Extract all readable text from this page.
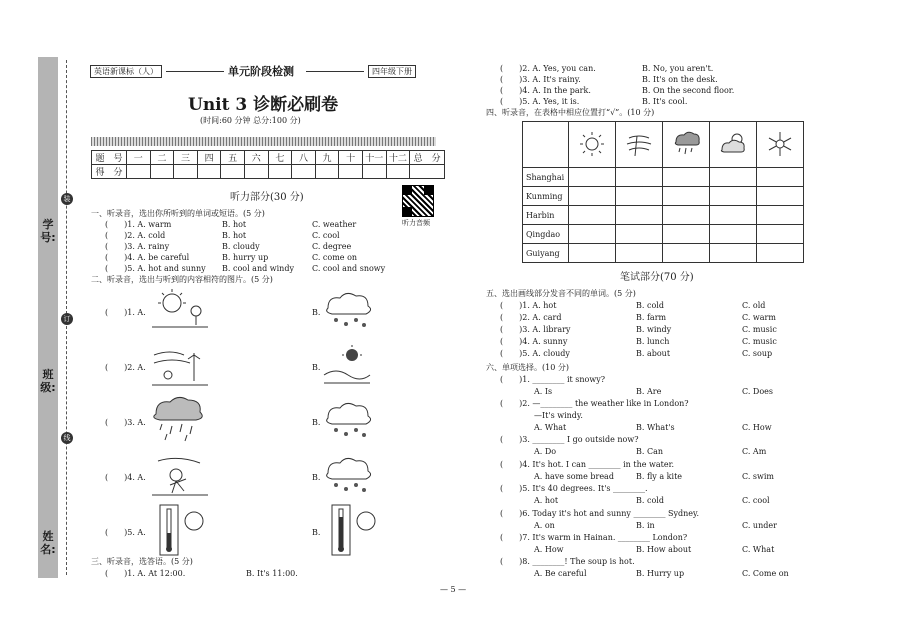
学号:
班级:
姓名:
装
订
线
英语新课标（人）	单元阶段检测	四年级下册
Unit 3 诊断必刷卷
(时间:60 分钟 总分:100 分)
题　号	一	二	三	四	五	六	七	八	九	十	十一	十二	总　分
得　分													
听力部分(30 分)
听力音频
一、听录音，选出你所听到的单词或短语。(5 分)
(　　)1. A. warm	B. hot	C. weather
(　　)2. A. cold	B. hot	C. cool
(　　)3. A. rainy	B. cloudy	C. degree
(　　)4. A. be careful	B. hurry up	C. come on
(　　)5. A. hot and sunny B. cool and windy C. cool and snowy
二、听录音，选出与听到的内容相符的图片。(5 分)
(　　)1. A.	B.
(　　)2. A.	B.
(　　)3. A.	B.
(　　)4. A.	B.
(　　)5. A.	B.
三、听录音，选答语。(5 分)
(　　)1. A. At 12:00.	B. It's 11:00.
(　　)2. A. Yes, you can.	B. No, you aren't.
(　　)3. A. It's rainy.	B. It's on the desk.
(　　)4. A. In the park.	B. On the second floor.
(　　)5. A. Yes, it is.	B. It's cool.
四、听录音，在表格中相应位置打“√”。(10 分)

Shanghai					
Kunming					
Harbin					
Qingdao					
Guiyang					
笔试部分(70 分)
五、选出画线部分发音不同的单词。(5 分)
(　　)1. A. hot	B. cold	C. old
(　　)2. A. card	B. farm	C. warm
(　　)3. A. library	B. windy	C. music
(　　)4. A. sunny	B. lunch	C. music
(　　)5. A. cloudy	B. about	C. soup
六、单项选择。(10 分)
(　　)1. ________ it snowy?
A. Is	B. Are	C. Does
(　　)2. —________ the weather like in London?
—It's windy.
A. What	B. What's	C. How
(　　)3. ________ I go outside now?
A. Do	B. Can	C. Am
(　　)4. It's hot. I can ________ in the water.
A. have some bread	B. fly a kite	C. swim
(　　)5. It's 40 degrees. It's ________.
A. hot	B. cold	C. cool
(　　)6. Today it's hot and sunny ________ Sydney.
A. on	B. in	C. under
(　　)7. It's warm in Hainan. ________ London?
A. How	B. How about	C. What
(　　)8. ________! The soup is hot.
A. Be careful	B. Hurry up	C. Come on
— 5 —
